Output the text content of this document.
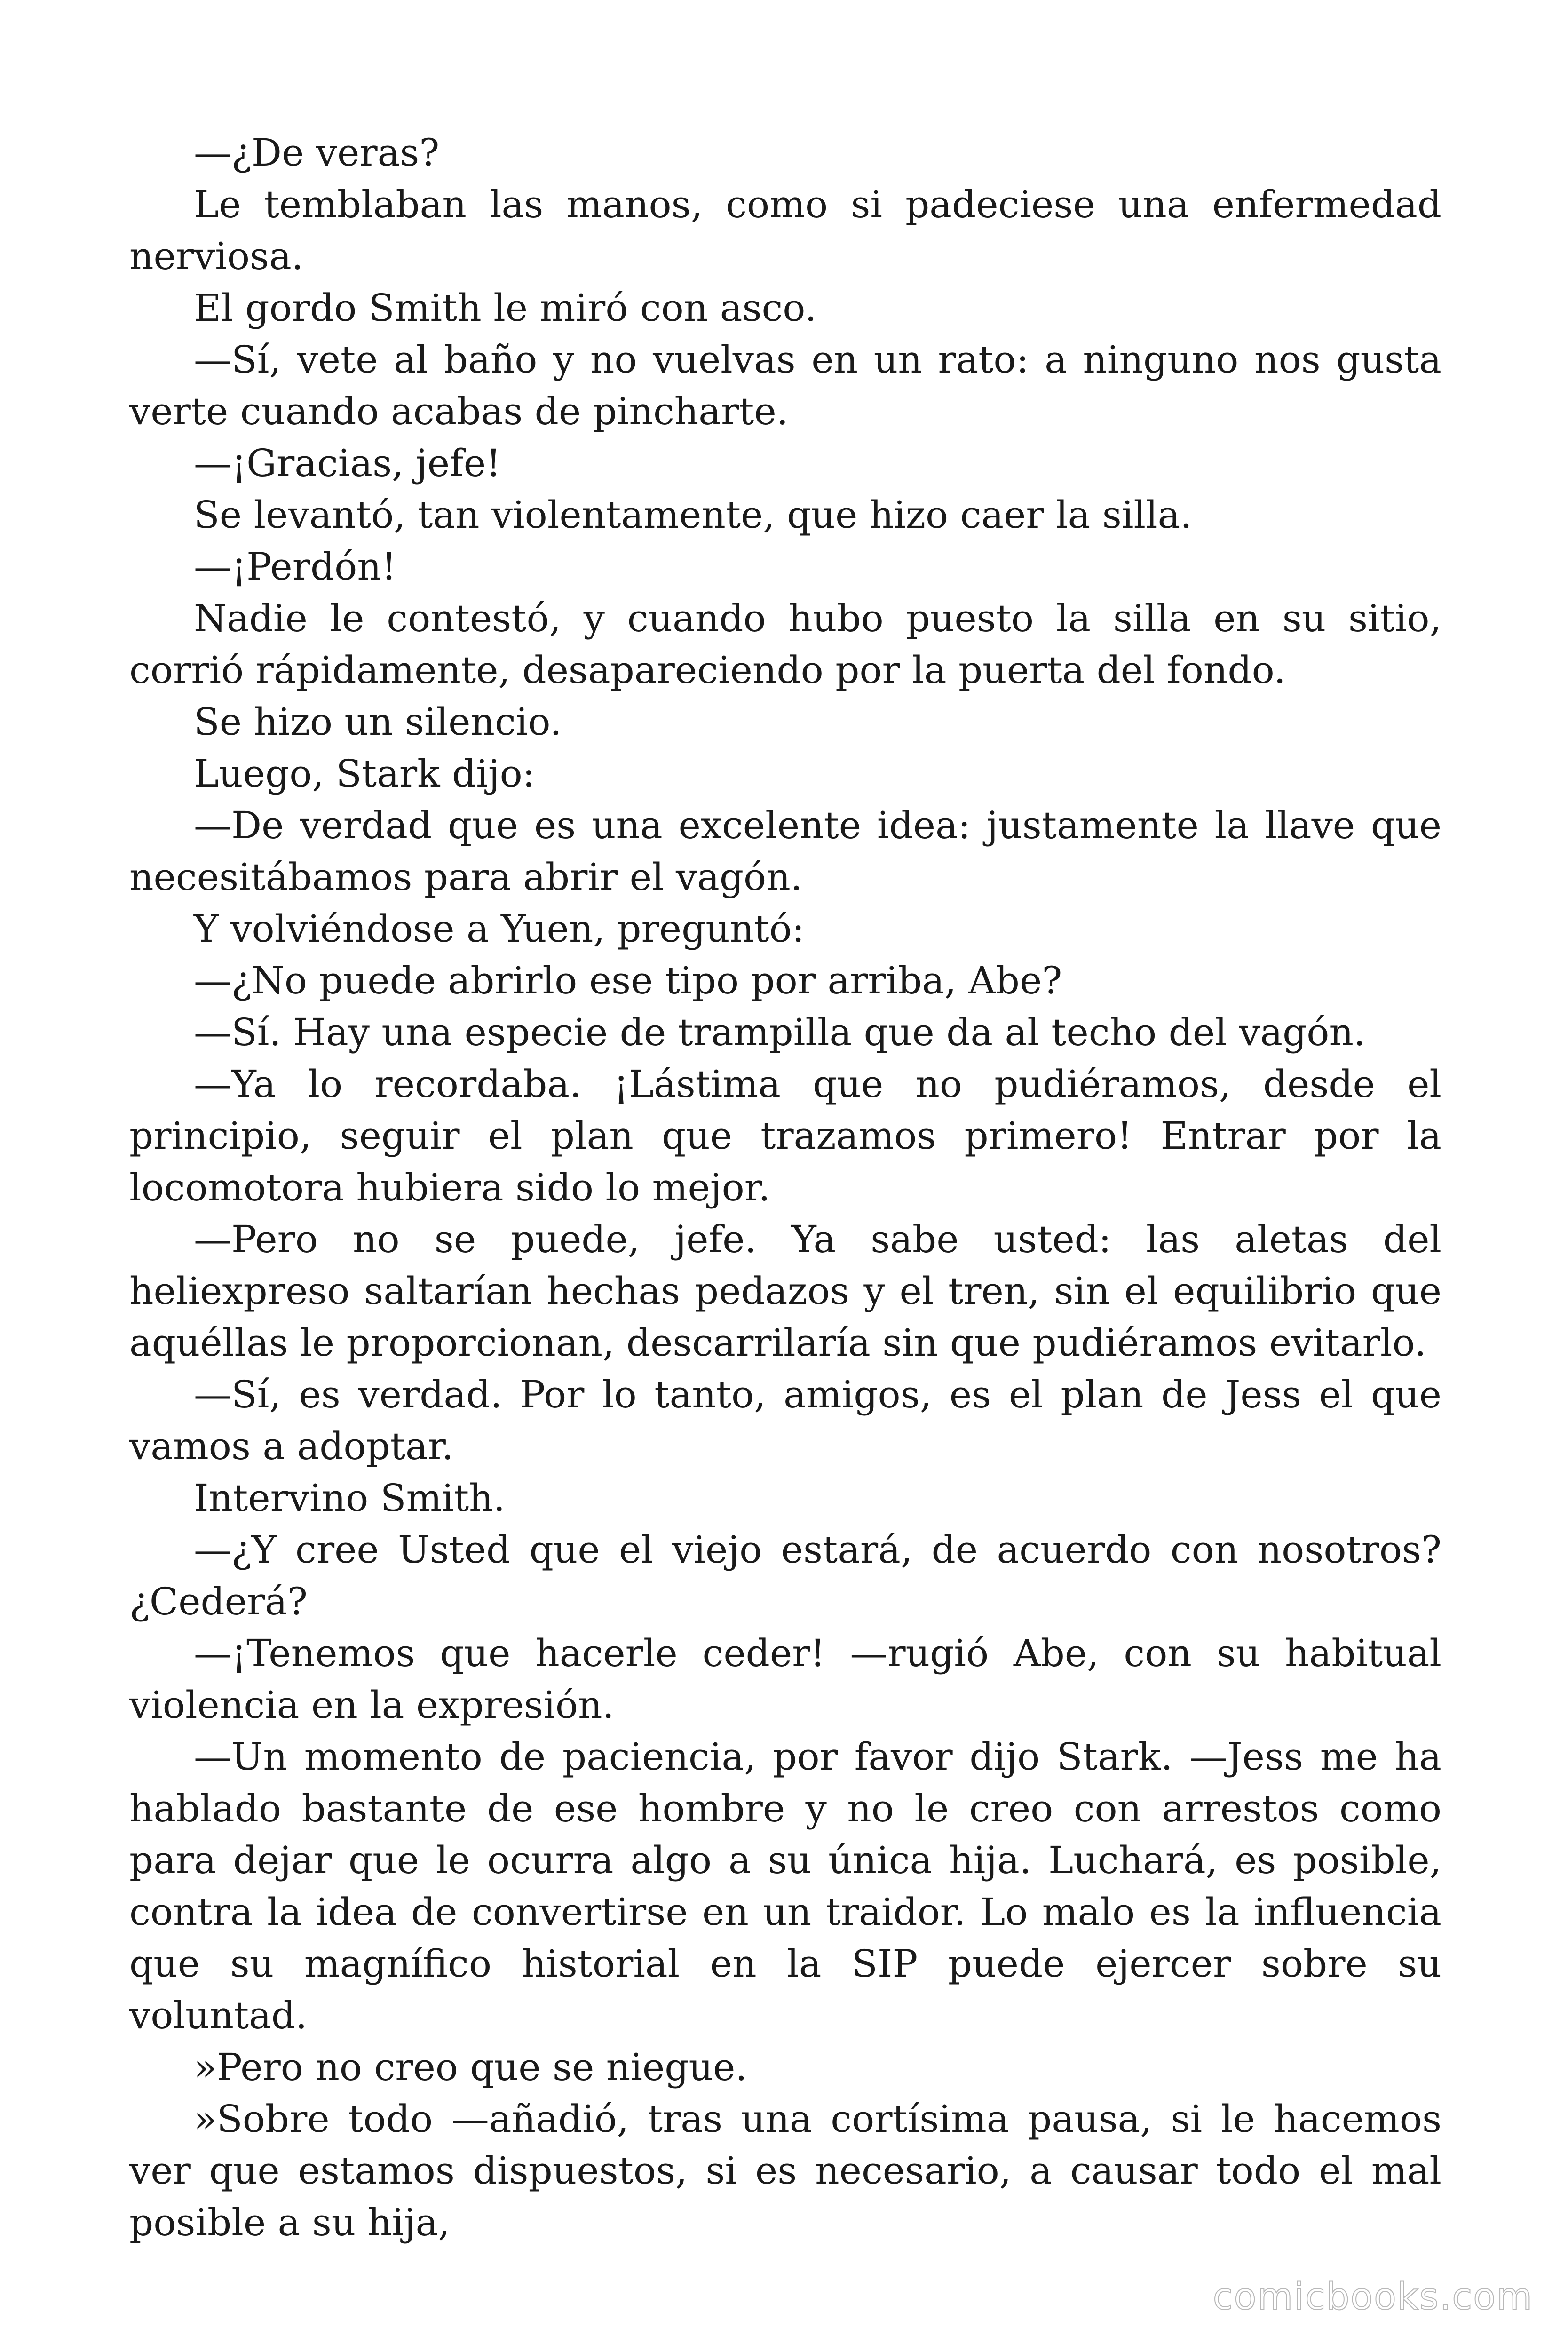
—¿De veras?

Le temblaban las manos, como si padeciese una enfermedad nerviosa.

El gordo Smith le miró con asco.

—Sí, vete al baño y no vuelvas en un rato: a ninguno nos gusta verte cuando acabas de pincharte.

—¡Gracias, jefe!

Se levantó, tan violentamente, que hizo caer la silla.

—¡Perdón!

Nadie le contestó, y cuando hubo puesto la silla en su sitio, corrió rápidamente, desapareciendo por la puerta del fondo.

Se hizo un silencio.

Luego, Stark dijo:

—De verdad que es una excelente idea: justamente la llave que necesitábamos para abrir el vagón.

Y volviéndose a Yuen, preguntó:

—¿No puede abrirlo ese tipo por arriba, Abe?

—Sí. Hay una especie de trampilla que da al techo del vagón.

—Ya lo recordaba. ¡Lástima que no pudiéramos, desde el principio, seguir el plan que trazamos primero! Entrar por la locomotora hubiera sido lo mejor.

—Pero no se puede, jefe. Ya sabe usted: las aletas del heliexpreso saltarían hechas pedazos y el tren, sin el equilibrio que aquéllas le proporcionan, descarrilaría sin que pudiéramos evitarlo.

—Sí, es verdad. Por lo tanto, amigos, es el plan de Jess el que vamos a adoptar.

Intervino Smith.

—¿Y cree Usted que el viejo estará, de acuerdo con nosotros? ¿Cederá?

—¡Tenemos que hacerle ceder! —rugió Abe, con su habitual violencia en la expresión.

—Un momento de paciencia, por favor dijo Stark. —Jess me ha hablado bastante de ese hombre y no le creo con arrestos como para dejar que le ocurra algo a su única hija. Luchará, es posible, contra la idea de convertirse en un traidor. Lo malo es la influencia que su magnífico historial en la SIP puede ejercer sobre su voluntad.

»Pero no creo que se niegue.

»Sobre todo —añadió, tras una cortísima pausa, si le hacemos ver que estamos dispuestos, si es necesario, a causar todo el mal posible a su hija,

comicbooks.com
